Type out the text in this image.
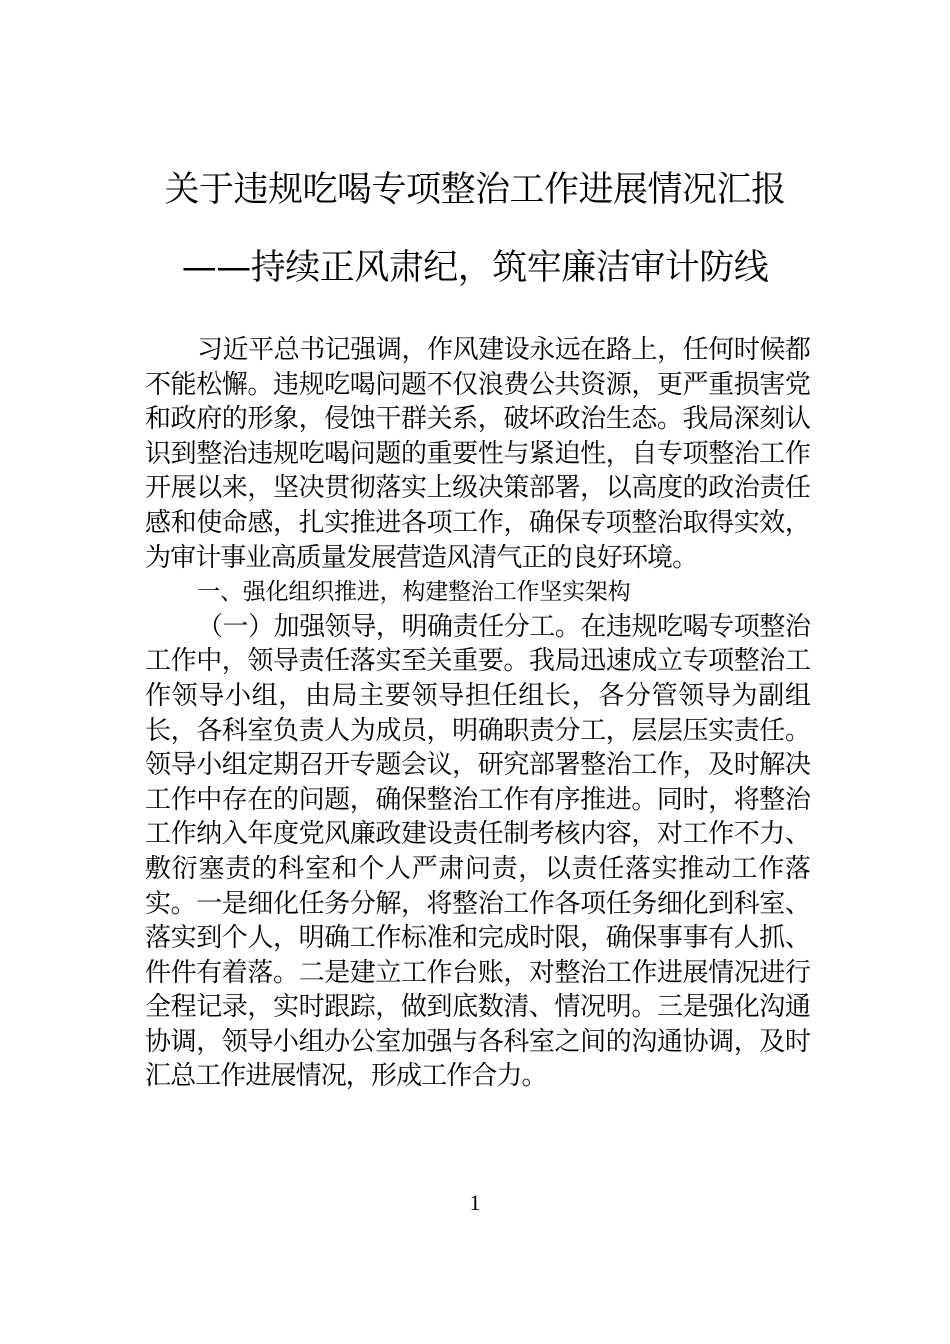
关于违规吃喝专项整治工作进展情况汇报
——持续正风肃纪，筑牢廉洁审计防线

习近平总书记强调，作风建设永远在路上，任何时候都不能松懈。违规吃喝问题不仅浪费公共资源，更严重损害党和政府的形象，侵蚀干群关系，破坏政治生态。我局深刻认识到整治违规吃喝问题的重要性与紧迫性，自专项整治工作开展以来，坚决贯彻落实上级决策部署，以高度的政治责任感和使命感，扎实推进各项工作，确保专项整治取得实效，为审计事业高质量发展营造风清气正的良好环境。

一、强化组织推进，构建整治工作坚实架构

（一）加强领导，明确责任分工。在违规吃喝专项整治工作中，领导责任落实至关重要。我局迅速成立专项整治工作领导小组，由局主要领导担任组长，各分管领导为副组长，各科室负责人为成员，明确职责分工，层层压实责任。领导小组定期召开专题会议，研究部署整治工作，及时解决工作中存在的问题，确保整治工作有序推进。同时，将整治工作纳入年度党风廉政建设责任制考核内容，对工作不力、敷衍塞责的科室和个人严肃问责，以责任落实推动工作落实。一是细化任务分解，将整治工作各项任务细化到科室、落实到个人，明确工作标准和完成时限，确保事事有人抓、件件有着落。二是建立工作台账，对整治工作进展情况进行全程记录，实时跟踪，做到底数清、情况明。三是强化沟通协调，领导小组办公室加强与各科室之间的沟通协调，及时汇总工作进展情况，形成工作合力。

1
